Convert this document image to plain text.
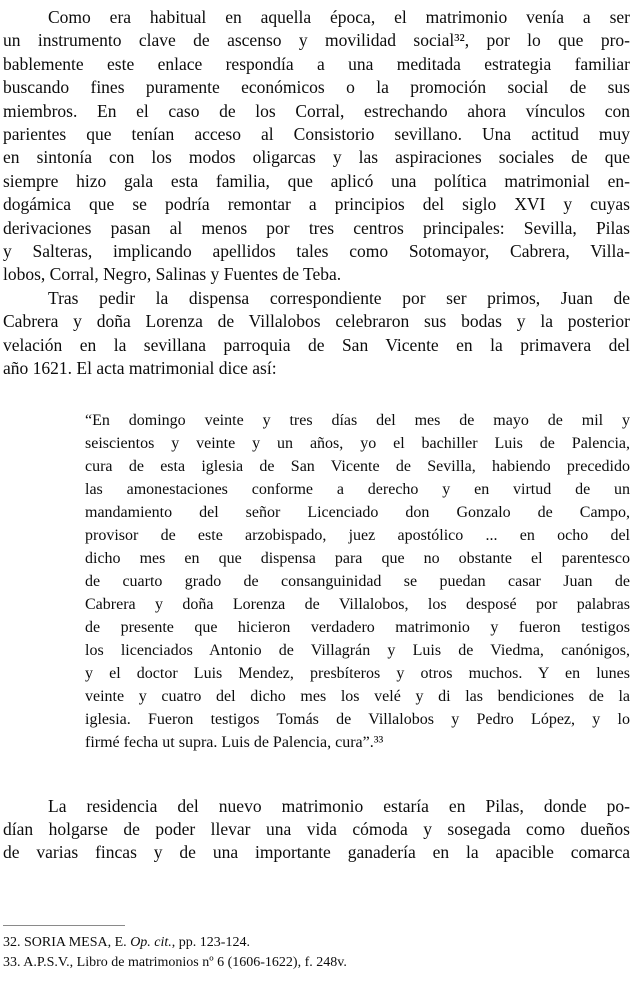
Como era habitual en aquella época, el matrimonio venía a ser
un instrumento clave de ascenso y movilidad social³², por lo que pro-
bablemente este enlace respondía a una meditada estrategia familiar
buscando fines puramente económicos o la promoción social de sus
miembros. En el caso de los Corral, estrechando ahora vínculos con
parientes que tenían acceso al Consistorio sevillano. Una actitud muy
en sintonía con los modos oligarcas y las aspiraciones sociales de que
siempre hizo gala esta familia, que aplicó una política matrimonial en-
dogámica que se podría remontar a principios del siglo XVI y cuyas
derivaciones pasan al menos por tres centros principales: Sevilla, Pilas
y Salteras, implicando apellidos tales como Sotomayor, Cabrera, Villa-
lobos, Corral, Negro, Salinas y Fuentes de Teba.
Tras pedir la dispensa correspondiente por ser primos, Juan de
Cabrera y doña Lorenza de Villalobos celebraron sus bodas y la posterior
velación en la sevillana parroquia de San Vicente en la primavera del
año 1621. El acta matrimonial dice así:
“En domingo veinte y tres días del mes de mayo de mil y
seiscientos y veinte y un años, yo el bachiller Luis de Palencia,
cura de esta iglesia de San Vicente de Sevilla, habiendo precedido
las amonestaciones conforme a derecho y en virtud de un
mandamiento del señor Licenciado don Gonzalo de Campo,
provisor de este arzobispado, juez apostólico ... en ocho del
dicho mes en que dispensa para que no obstante el parentesco
de cuarto grado de consanguinidad se puedan casar Juan de
Cabrera y doña Lorenza de Villalobos, los desposé por palabras
de presente que hicieron verdadero matrimonio y fueron testigos
los licenciados Antonio de Villagrán y Luis de Viedma, canónigos,
y el doctor Luis Mendez, presbíteros y otros muchos. Y en lunes
veinte y cuatro del dicho mes los velé y di las bendiciones de la
iglesia. Fueron testigos Tomás de Villalobos y Pedro López, y lo
firmé fecha ut supra. Luis de Palencia, cura”.³³
La residencia del nuevo matrimonio estaría en Pilas, donde po-
dían holgarse de poder llevar una vida cómoda y sosegada como dueños
de varias fincas y de una importante ganadería en la apacible comarca
32. SORIA MESA, E. Op. cit., pp. 123-124.
33. A.P.S.V., Libro de matrimonios nº 6 (1606-1622), f. 248v.
